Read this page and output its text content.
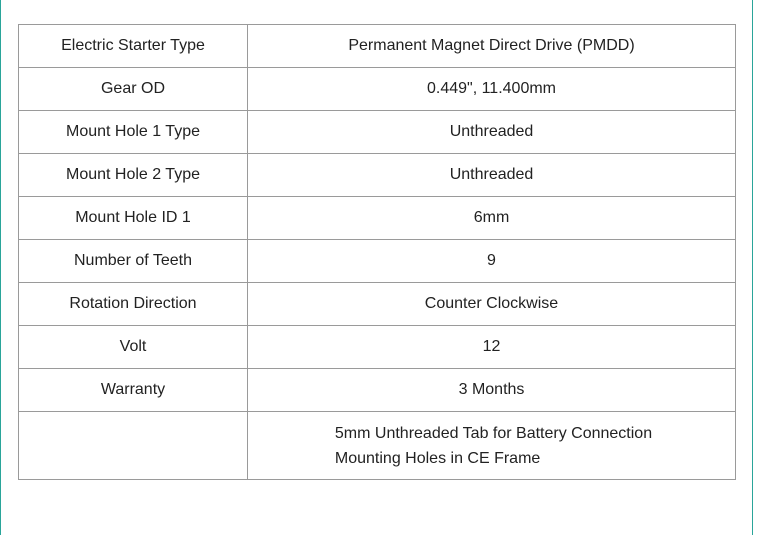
Electric Starter Type	Permanent Magnet Direct Drive (PMDD)
Gear OD	0.449", 11.400mm
Mount Hole 1 Type	Unthreaded
Mount Hole 2 Type	Unthreaded
Mount Hole ID 1	6mm
Number of Teeth	9
Rotation Direction	Counter Clockwise
Volt	12
Warranty	3 Months

	5mm Unthreaded Tab for Battery Connection
Mounting Holes in CE Frame
